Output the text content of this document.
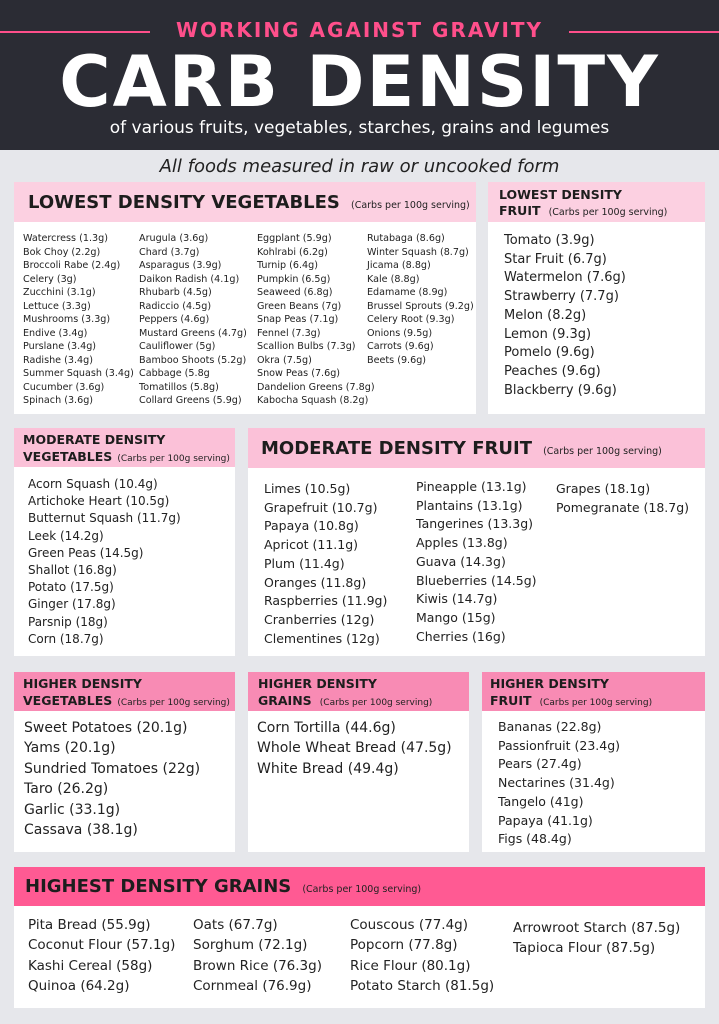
WORKING AGAINST GRAVITY
CARB DENSITY
of various fruits, vegetables, starches, grains and legumes
All foods measured in raw or uncooked form
LOWEST DENSITY VEGETABLES (Carbs per 100g serving)
Watercress (1.3g)
Bok Choy (2.2g)
Broccoli Rabe (2.4g)
Celery (3g)
Zucchini (3.1g)
Lettuce (3.3g)
Mushrooms (3.3g)
Endive (3.4g)
Purslane (3.4g)
Radishe (3.4g)
Summer Squash (3.4g)
Cucumber (3.6g)
Spinach (3.6g)
Arugula (3.6g)
Chard (3.7g)
Asparagus (3.9g)
Daikon Radish (4.1g)
Rhubarb (4.5g)
Radiccio (4.5g)
Peppers (4.6g)
Mustard Greens (4.7g)
Cauliflower (5g)
Bamboo Shoots (5.2g)
Cabbage (5.8g
Tomatillos (5.8g)
Collard Greens (5.9g)
Eggplant (5.9g)
Kohlrabi (6.2g)
Turnip (6.4g)
Pumpkin (6.5g)
Seaweed (6.8g)
Green Beans (7g)
Snap Peas (7.1g)
Fennel (7.3g)
Scallion Bulbs (7.3g)
Okra (7.5g)
Snow Peas (7.6g)
Dandelion Greens (7.8g)
Kabocha Squash (8.2g)
Rutabaga (8.6g)
Winter Squash (8.7g)
Jicama (8.8g)
Kale (8.8g)
Edamame (8.9g)
Brussel Sprouts (9.2g)
Celery Root (9.3g)
Onions (9.5g)
Carrots (9.6g)
Beets (9.6g)
LOWEST DENSITY
FRUIT (Carbs per 100g serving)
Tomato (3.9g)
Star Fruit (6.7g)
Watermelon (7.6g)
Strawberry (7.7g)
Melon (8.2g)
Lemon (9.3g)
Pomelo (9.6g)
Peaches (9.6g)
Blackberry (9.6g)
MODERATE DENSITY
VEGETABLES (Carbs per 100g serving)
Acorn Squash (10.4g)
Artichoke Heart (10.5g)
Butternut Squash (11.7g)
Leek (14.2g)
Green Peas (14.5g)
Shallot (16.8g)
Potato (17.5g)
Ginger (17.8g)
Parsnip (18g)
Corn (18.7g)
MODERATE DENSITY FRUIT (Carbs per 100g serving)
Limes (10.5g)
Grapefruit (10.7g)
Papaya (10.8g)
Apricot (11.1g)
Plum (11.4g)
Oranges (11.8g)
Raspberries (11.9g)
Cranberries (12g)
Clementines (12g)
Pineapple (13.1g)
Plantains (13.1g)
Tangerines (13.3g)
Apples (13.8g)
Guava (14.3g)
Blueberries (14.5g)
Kiwis (14.7g)
Mango (15g)
Cherries (16g)
Grapes (18.1g)
Pomegranate (18.7g)
HIGHER DENSITY
VEGETABLES (Carbs per 100g serving)
Sweet Potatoes (20.1g)
Yams (20.1g)
Sundried Tomatoes (22g)
Taro (26.2g)
Garlic (33.1g)
Cassava (38.1g)
HIGHER DENSITY
GRAINS (Carbs per 100g serving)
Corn Tortilla (44.6g)
Whole Wheat Bread (47.5g)
White Bread (49.4g)
HIGHER DENSITY
FRUIT (Carbs per 100g serving)
Bananas (22.8g)
Passionfruit (23.4g)
Pears (27.4g)
Nectarines (31.4g)
Tangelo (41g)
Papaya (41.1g)
Figs (48.4g)
HIGHEST DENSITY GRAINS (Carbs per 100g serving)
Pita Bread (55.9g)
Coconut Flour (57.1g)
Kashi Cereal (58g)
Quinoa (64.2g)
Oats (67.7g)
Sorghum (72.1g)
Brown Rice (76.3g)
Cornmeal (76.9g)
Couscous (77.4g)
Popcorn (77.8g)
Rice Flour (80.1g)
Potato Starch (81.5g)
Arrowroot Starch (87.5g)
Tapioca Flour (87.5g)
